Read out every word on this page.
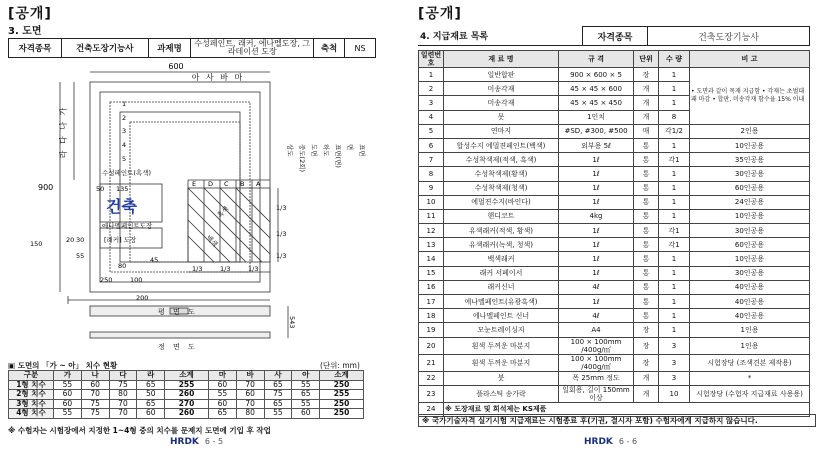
[공개]
3. 도면
자격종목	건축도장기능사	과제명	수성페인트, 래커, 에나멜도장, 그라데이션 도장	축척	NS
600
아 사 바 마
900
라 다 나 가
1
2
3
4
5
E D C B A
수성페인트(흑색)
에나멜페인트도장
[래커] 도장
50 135
150	20 30
55
80
45
200
100
250
1/3	1/3	1/3
1/3
1/3
1/3
흑색
백색
543
상도 중도(2회) 도면 하도 표면(면) 면 표면
건축
평 면 도
정 면 도
▣ 도면의 「가 ~ 아」 치수 현황	(단위: mm)
구분	가	나	다	라	소계	마	바	사	아	소계
1형 치수	55	60	75	65	255	60	70	65	55	250
2형 치수	60	70	80	50	260	55	60	75	65	255
3형 치수	60	75	70	65	270	60	70	65	55	250
4형 치수	55	75	70	60	260	65	80	55	60	250
※ 수험자는 시험장에서 지정한 1~4형 중의 치수를 문제지 도면에 기입 후 작업
HRDK 6 - 5
[공개]
4. 지급재료 목록	자격종목	건축도장기능사
일련번호	재 료 명	규 격	단위	수 량	비 고
1	일반합판	900 × 600 × 5	장	1	• 도면과 같이 목재 지급함 • 각재는 초벌대패 마감 • 합판, 미송각재 함수율 15% 이내
2	미송각재	45 × 45 × 600	개	1	
3	미송각재	45 × 45 × 450	개	1	
4	못	1인치	개	8	
5	연마지	#SD, #300, #500	매	각1/2	2인용
6	합성수지 에멀젼페인트(백색)	외부용 5ℓ	통	1	10인공용
7	수성착색제(적색, 흑색)	1ℓ	통	각1	35인공용
8	수성착색제(황색)	1ℓ	통	1	30인공용
9	수성착색제(청색)	1ℓ	통	1	60인공용
10	에멀젼수지(바인다)	1ℓ	통	1	24인공용
11	핸디코트	4kg	통	1	10인공용
12	유색래커(적색, 황색)	1ℓ	통	각1	30인공용
13	유색래커(녹색, 청색)	1ℓ	통	각1	60인공용
14	백색래커	1ℓ	통	1	10인공용
15	래커 서페이서	1ℓ	통	1	30인공용
16	래커신너	4ℓ	통	1	40인공용
17	에나멜페인트(유광흑색)	1ℓ	통	1	40인공용
18	에나멜페인트 신너	4ℓ	통	1	40인공용
19	모눈트레이싱지	A4	장	1	1인용
20	흰색 두꺼운 마분지	100 × 100mm /400g/㎡	장	3	1인용
21	흰색 두꺼운 마분지	100 × 100mm /400g/㎡	장	3	시험장당 (조색견본 제작용)
22	붓	폭 25mm 정도	개	3	*
23	플라스틱 송가락	일회용, 길이 150mm 이상	개	10	시험장당 (수험자 지급재료 사용용)
24	※ 도장재료 및 희석제는 KS제품				
※ 국가기술자격 실기시험 지급재료는 시험종료 후(기권, 결시자 포함) 수험자에게 지급하지 않습니다.
HRDK 6 - 6
